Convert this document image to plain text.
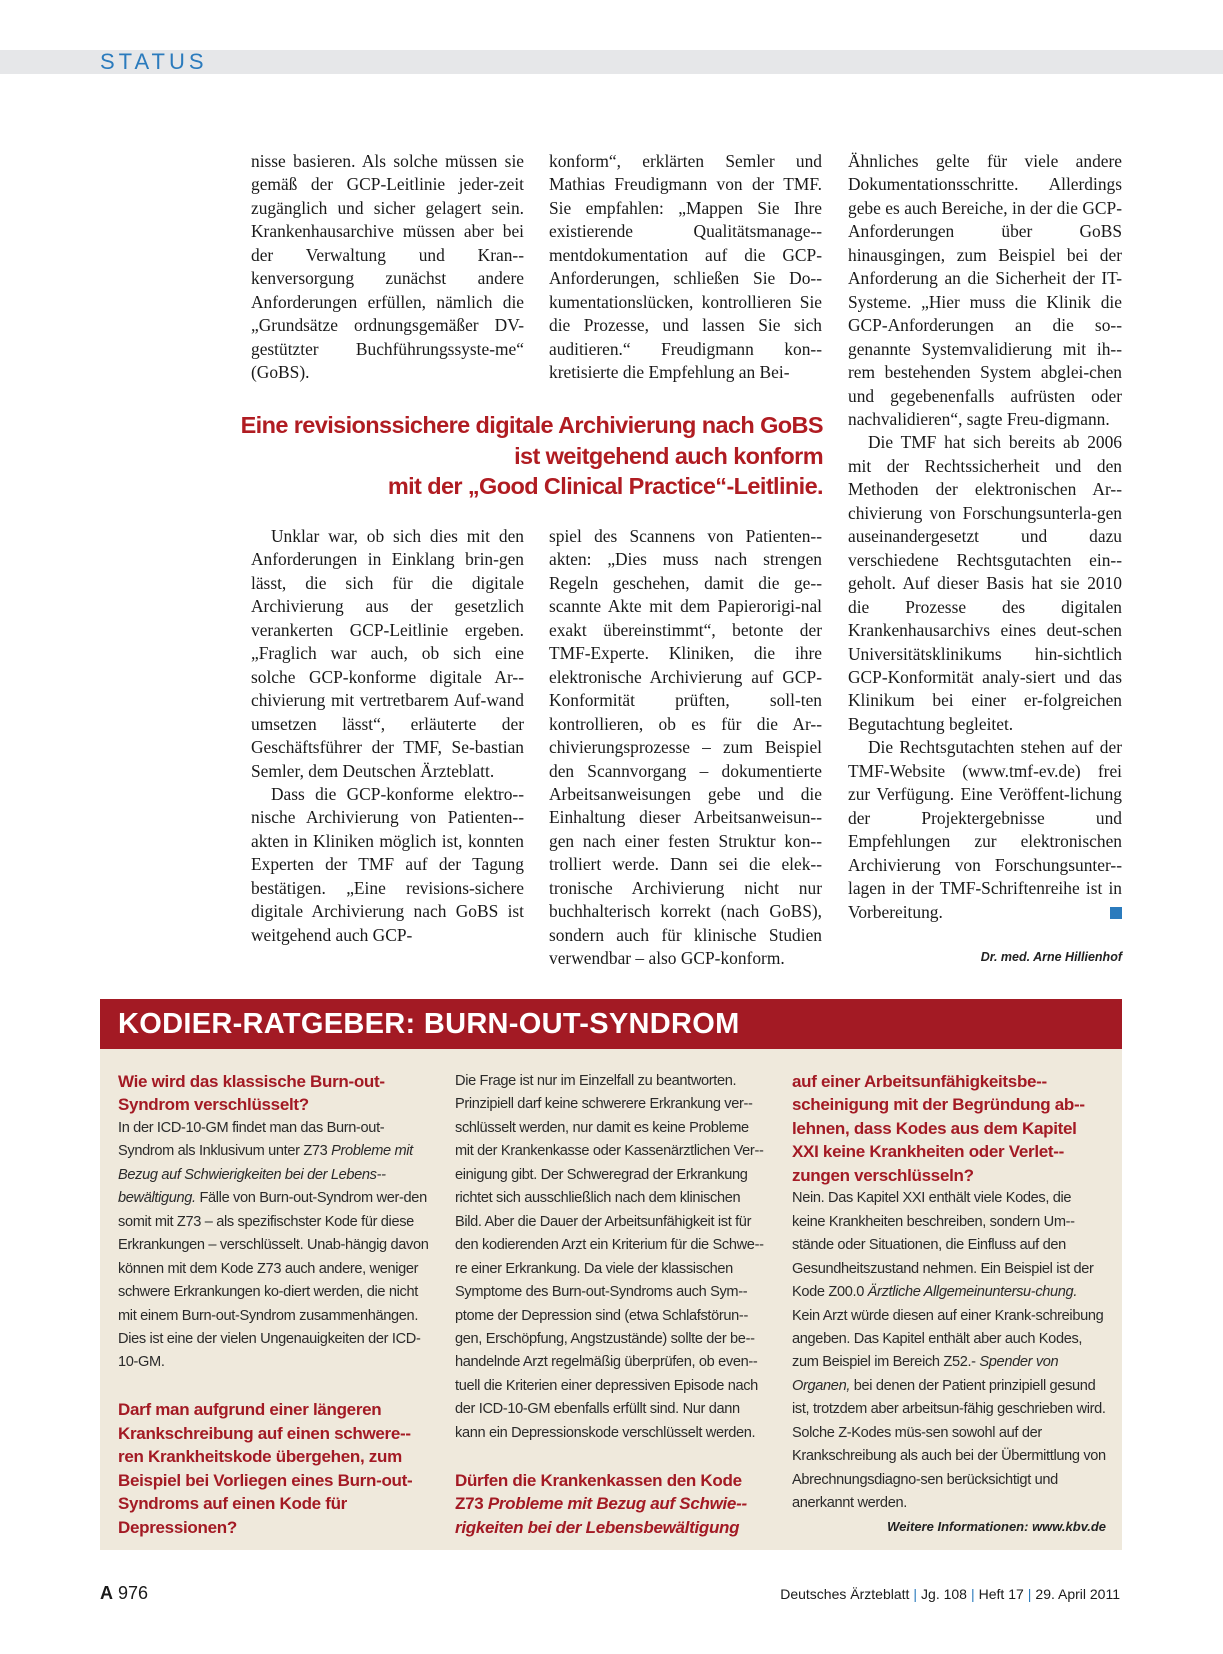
STATUS

nisse basieren. Als solche müssen sie gemäß der GCP-Leitlinie jeder-zeit zugänglich und sicher gelagert sein. Krankenhausarchive müssen aber bei der Verwaltung und Kran-kenversorgung zunächst andere Anforderungen erfüllen, nämlich die „Grundsätze ordnungsgemäßer DV-gestützter Buchführungssyste-me“ (GoBS).

konform“, erklärten Semler und Mathias Freudigmann von der TMF. Sie empfahlen: „Mappen Sie Ihre existierende Qualitätsmanage-mentdokumentation auf die GCP-Anforderungen, schließen Sie Do-kumentationslücken, kontrollieren Sie die Prozesse, und lassen Sie sich auditieren.“ Freudigmann kon-kretisierte die Empfehlung an Bei-

Eine revisionssichere digitale Archivierung nach GoBS
ist weitgehend auch konform
mit der „Good Clinical Practice“-Leitlinie.

Unklar war, ob sich dies mit den Anforderungen in Einklang brin-gen lässt, die sich für die digitale Archivierung aus der gesetzlich verankerten GCP-Leitlinie ergeben. „Fraglich war auch, ob sich eine solche GCP-konforme digitale Ar-chivierung mit vertretbarem Auf-wand umsetzen lässt“, erläuterte der Geschäftsführer der TMF, Se-bastian Semler, dem Deutschen Ärzteblatt.

Dass die GCP-konforme elektro-nische Archivierung von Patienten-akten in Kliniken möglich ist, konnten Experten der TMF auf der Tagung bestätigen. „Eine revisions-sichere digitale Archivierung nach GoBS ist weitgehend auch GCP-

spiel des Scannens von Patienten-akten: „Dies muss nach strengen Regeln geschehen, damit die ge-scannte Akte mit dem Papierorigi-nal exakt übereinstimmt“, betonte der TMF-Experte. Kliniken, die ihre elektronische Archivierung auf GCP-Konformität prüften, soll-ten kontrollieren, ob es für die Ar-chivierungsprozesse – zum Beispiel den Scannvorgang – dokumentierte Arbeitsanweisungen gebe und die Einhaltung dieser Arbeitsanweisun-gen nach einer festen Struktur kon-trolliert werde. Dann sei die elek-tronische Archivierung nicht nur buchhalterisch korrekt (nach GoBS), sondern auch für klinische Studien verwendbar – also GCP-konform.

Ähnliches gelte für viele andere Dokumentationsschritte. Allerdings gebe es auch Bereiche, in der die GCP-Anforderungen über GoBS hinausgingen, zum Beispiel bei der Anforderung an die Sicherheit der IT-Systeme. „Hier muss die Klinik die GCP-Anforderungen an die so-genannte Systemvalidierung mit ih-rem bestehenden System abglei-chen und gegebenenfalls aufrüsten oder nachvalidieren“, sagte Freu-digmann.

Die TMF hat sich bereits ab 2006 mit der Rechtssicherheit und den Methoden der elektronischen Ar-chivierung von Forschungsunterla-gen auseinandergesetzt und dazu verschiedene Rechtsgutachten ein-geholt. Auf dieser Basis hat sie 2010 die Prozesse des digitalen Krankenhausarchivs eines deut-schen Universitätsklinikums hin-sichtlich GCP-Konformität analy-siert und das Klinikum bei einer er-folgreichen Begutachtung begleitet.

Die Rechtsgutachten stehen auf der TMF-Website (www.tmf-ev.de) frei zur Verfügung. Eine Veröffent-lichung der Projektergebnisse und Empfehlungen zur elektronischen Archivierung von Forschungsunter-lagen in der TMF-Schriftenreihe ist in Vorbereitung.

Dr. med. Arne Hillienhof
KODIER-RATGEBER: BURN-OUT-SYNDROM
Wie wird das klassische Burn-out-Syndrom verschlüsselt?
In der ICD-10-GM findet man das Burn-out-Syndrom als Inklusivum unter Z73 Probleme mit Bezug auf Schwierigkeiten bei der Lebens-bewältigung. Fälle von Burn-out-Syndrom wer-den somit mit Z73 – als spezifischster Kode für diese Erkrankungen – verschlüsselt. Unab-hängig davon können mit dem Kode Z73 auch andere, weniger schwere Erkrankungen ko-diert werden, die nicht mit einem Burn-out-Syndrom zusammenhängen. Dies ist eine der vielen Ungenauigkeiten der ICD-10-GM.
Darf man aufgrund einer längeren Krankschreibung auf einen schwere-ren Krankheitskode übergehen, zum Beispiel bei Vorliegen eines Burn-out-Syndroms auf einen Kode für Depressionen?
Die Frage ist nur im Einzelfall zu beantworten. Prinzipiell darf keine schwerere Erkrankung ver-schlüsselt werden, nur damit es keine Probleme mit der Krankenkasse oder Kassenärztlichen Ver-einigung gibt. Der Schweregrad der Erkrankung richtet sich ausschließlich nach dem klinischen Bild. Aber die Dauer der Arbeitsunfähigkeit ist für den kodierenden Arzt ein Kriterium für die Schwe-re einer Erkrankung. Da viele der klassischen Symptome des Burn-out-Syndroms auch Sym-ptome der Depression sind (etwa Schlafstörun-gen, Erschöpfung, Angstzustände) sollte der be-handelnde Arzt regelmäßig überprüfen, ob even-tuell die Kriterien einer depressiven Episode nach der ICD-10-GM ebenfalls erfüllt sind. Nur dann kann ein Depressionskode verschlüsselt werden.
Dürfen die Krankenkassen den Kode Z73 Probleme mit Bezug auf Schwie-rigkeiten bei der Lebensbewältigung
auf einer Arbeitsunfähigkeitsbe-scheinigung mit der Begründung ab-lehnen, dass Kodes aus dem Kapitel XXI keine Krankheiten oder Verlet-zungen verschlüsseln?
Nein. Das Kapitel XXI enthält viele Kodes, die keine Krankheiten beschreiben, sondern Um-stände oder Situationen, die Einfluss auf den Gesundheitszustand nehmen. Ein Beispiel ist der Kode Z00.0 Ärztliche Allgemeinuntersu-chung. Kein Arzt würde diesen auf einer Krank-schreibung angeben. Das Kapitel enthält aber auch Kodes, zum Beispiel im Bereich Z52.- Spender von Organen, bei denen der Patient prinzipiell gesund ist, trotzdem aber arbeitsun-fähig geschrieben wird. Solche Z-Kodes müs-sen sowohl auf der Krankschreibung als auch bei der Übermittlung von Abrechnungsdiagno-sen berücksichtigt und anerkannt werden.
Weitere Informationen: www.kbv.de
A 976	Deutsches Ärzteblatt | Jg. 108 | Heft 17 | 29. April 2011
